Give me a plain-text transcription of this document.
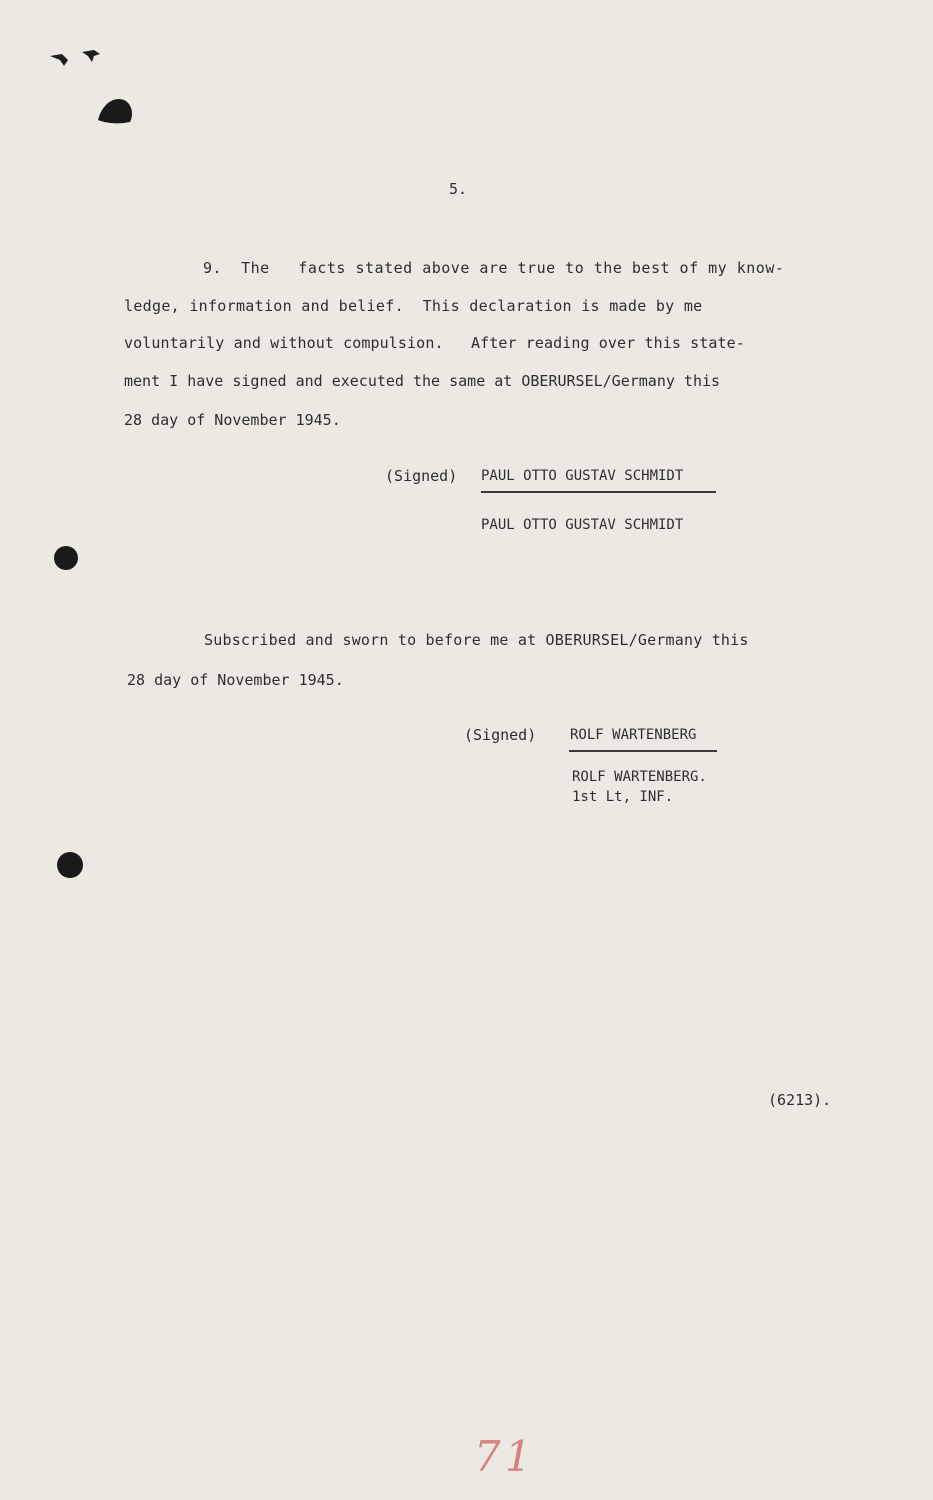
5.
9.  The   facts stated above are true to the best of my know-
ledge, information and belief.  This declaration is made by me
voluntarily and without compulsion.   After reading over this state-
ment I have signed and executed the same at OBERURSEL/Germany this
28 day of November 1945.
(Signed) PAUL OTTO GUSTAV SCHMIDT
PAUL OTTO GUSTAV SCHMIDT
Subscribed and sworn to before me at OBERURSEL/Germany this
28 day of November 1945.
(Signed) ROLF WARTENBERG
ROLF WARTENBERG.
1st Lt, INF.
(6213).
71
